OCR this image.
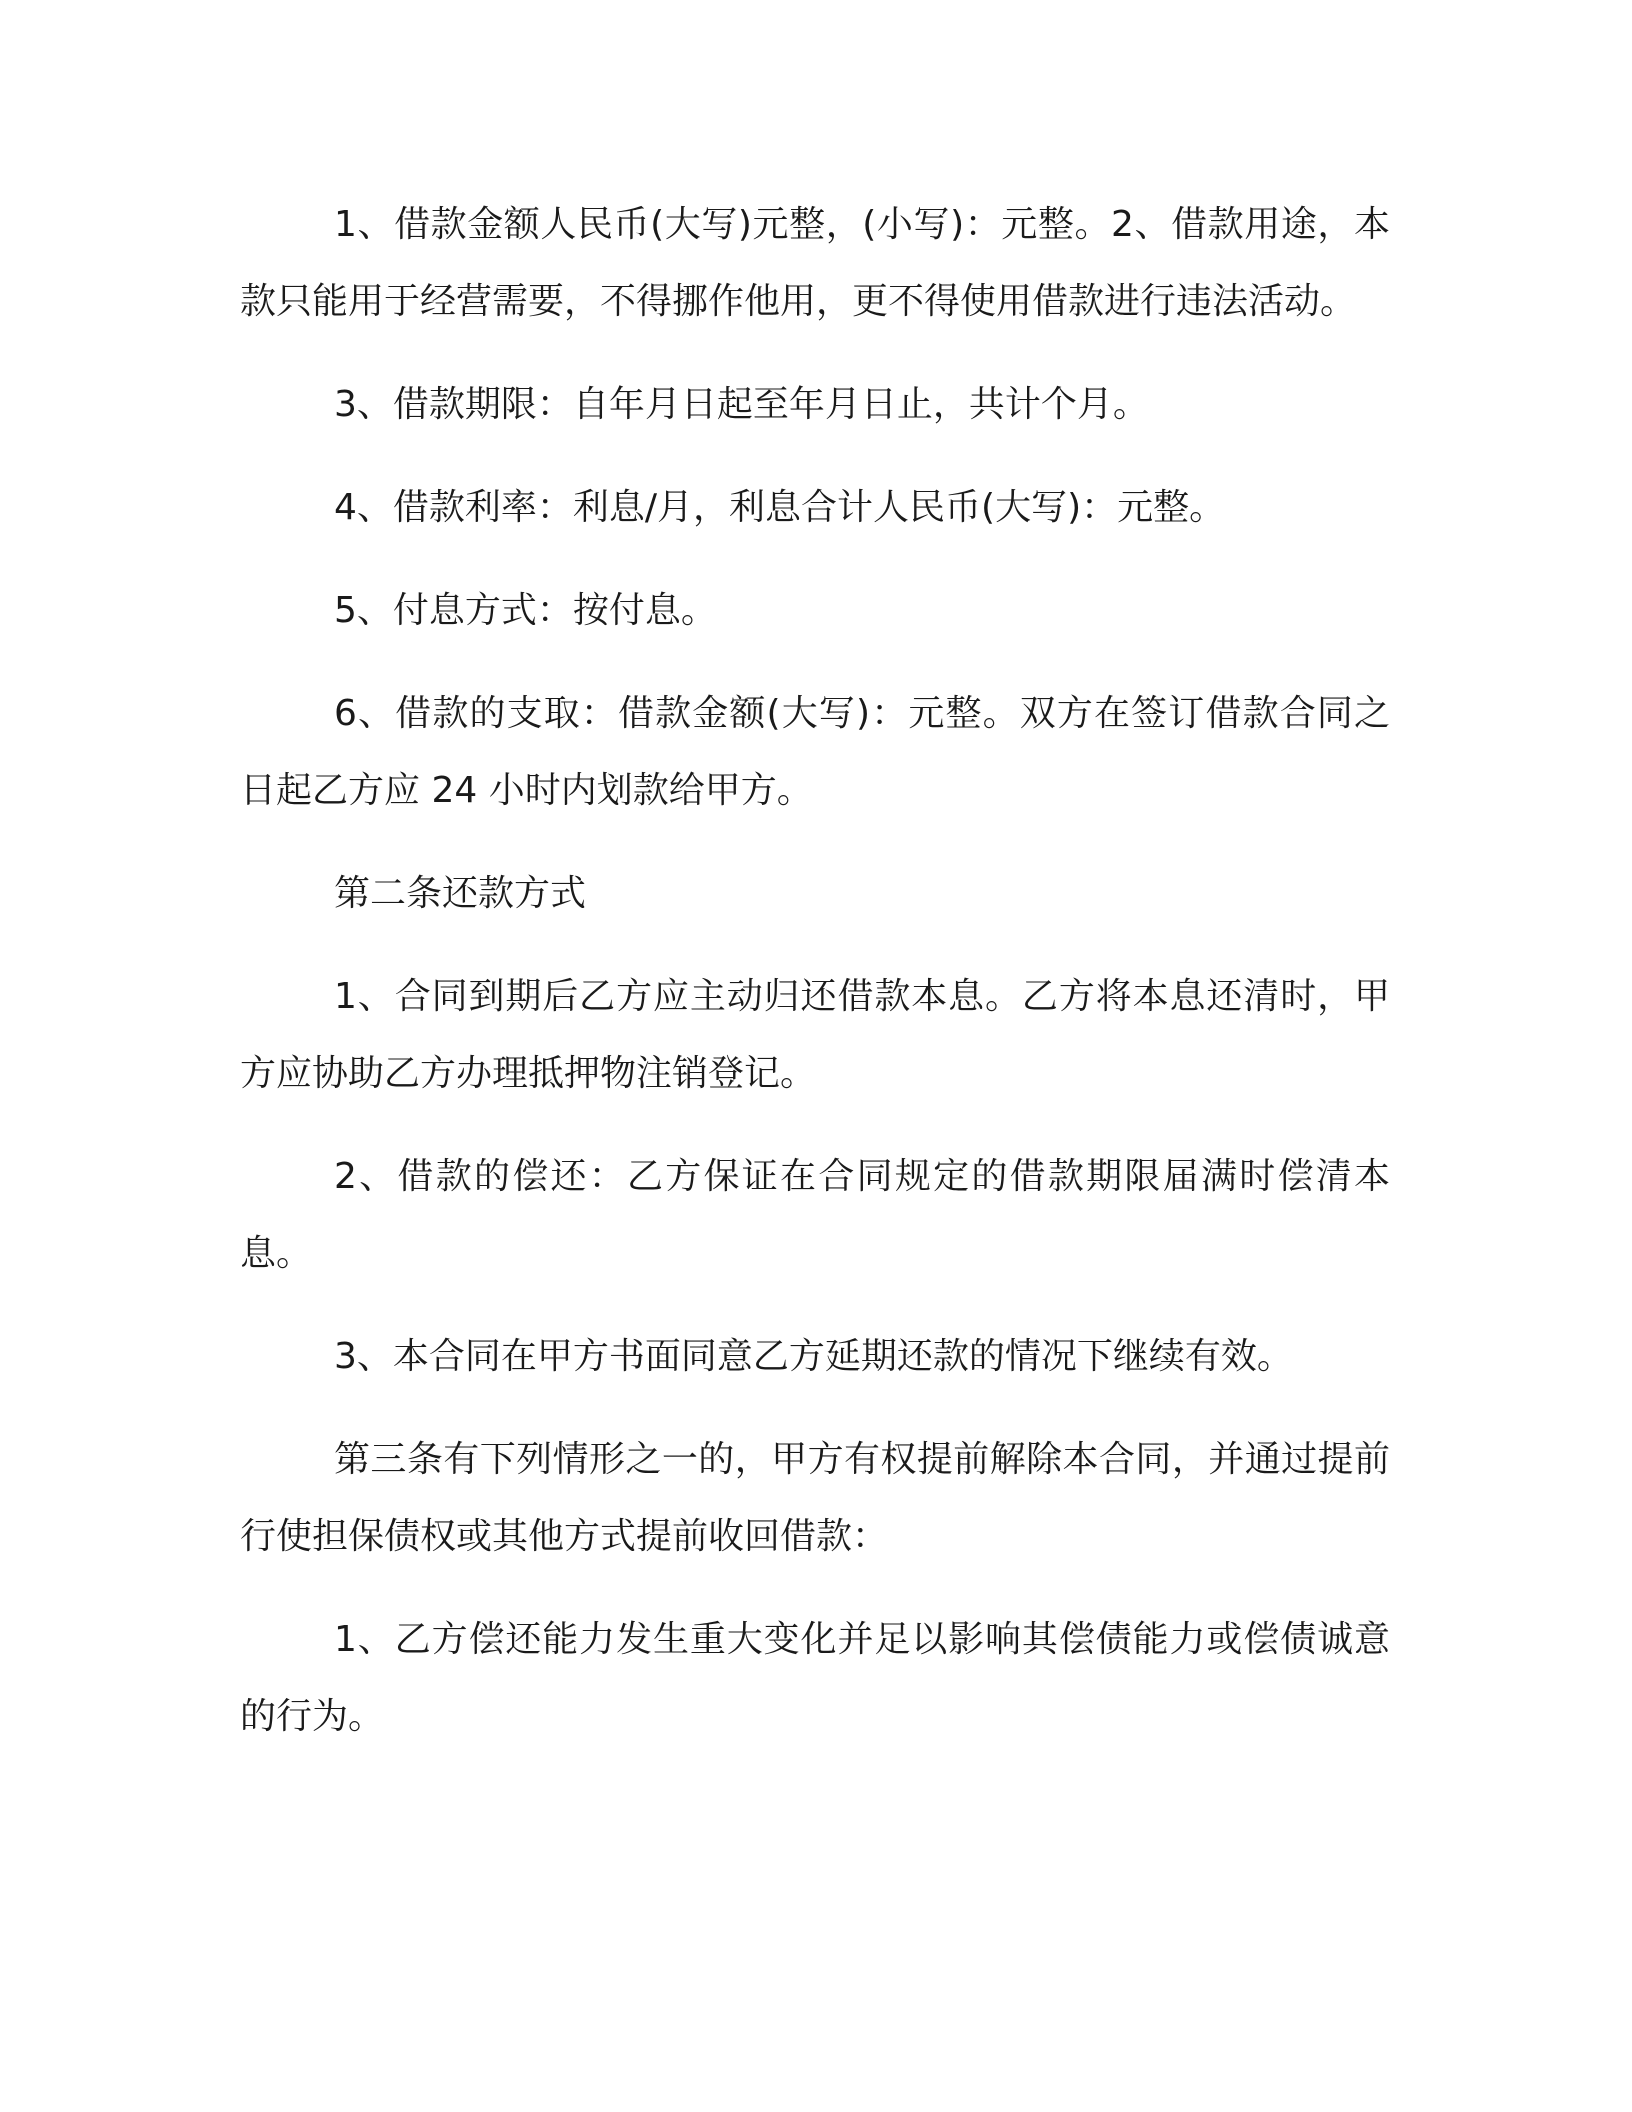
1、借款金额人民币(大写)元整，(小写)：元整。2、借款用途，本款只能用于经营需要，不得挪作他用，更不得使用借款进行违法活动。

3、借款期限：自年月日起至年月日止，共计个月。

4、借款利率：利息/月，利息合计人民币(大写)：元整。

5、付息方式：按付息。

6、借款的支取：借款金额(大写)：元整。双方在签订借款合同之日起乙方应 24 小时内划款给甲方。

第二条还款方式

1、合同到期后乙方应主动归还借款本息。乙方将本息还清时，甲方应协助乙方办理抵押物注销登记。

2、借款的偿还：乙方保证在合同规定的借款期限届满时偿清本息。

3、本合同在甲方书面同意乙方延期还款的情况下继续有效。

第三条有下列情形之一的，甲方有权提前解除本合同，并通过提前行使担保债权或其他方式提前收回借款：

1、乙方偿还能力发生重大变化并足以影响其偿债能力或偿债诚意的行为。
